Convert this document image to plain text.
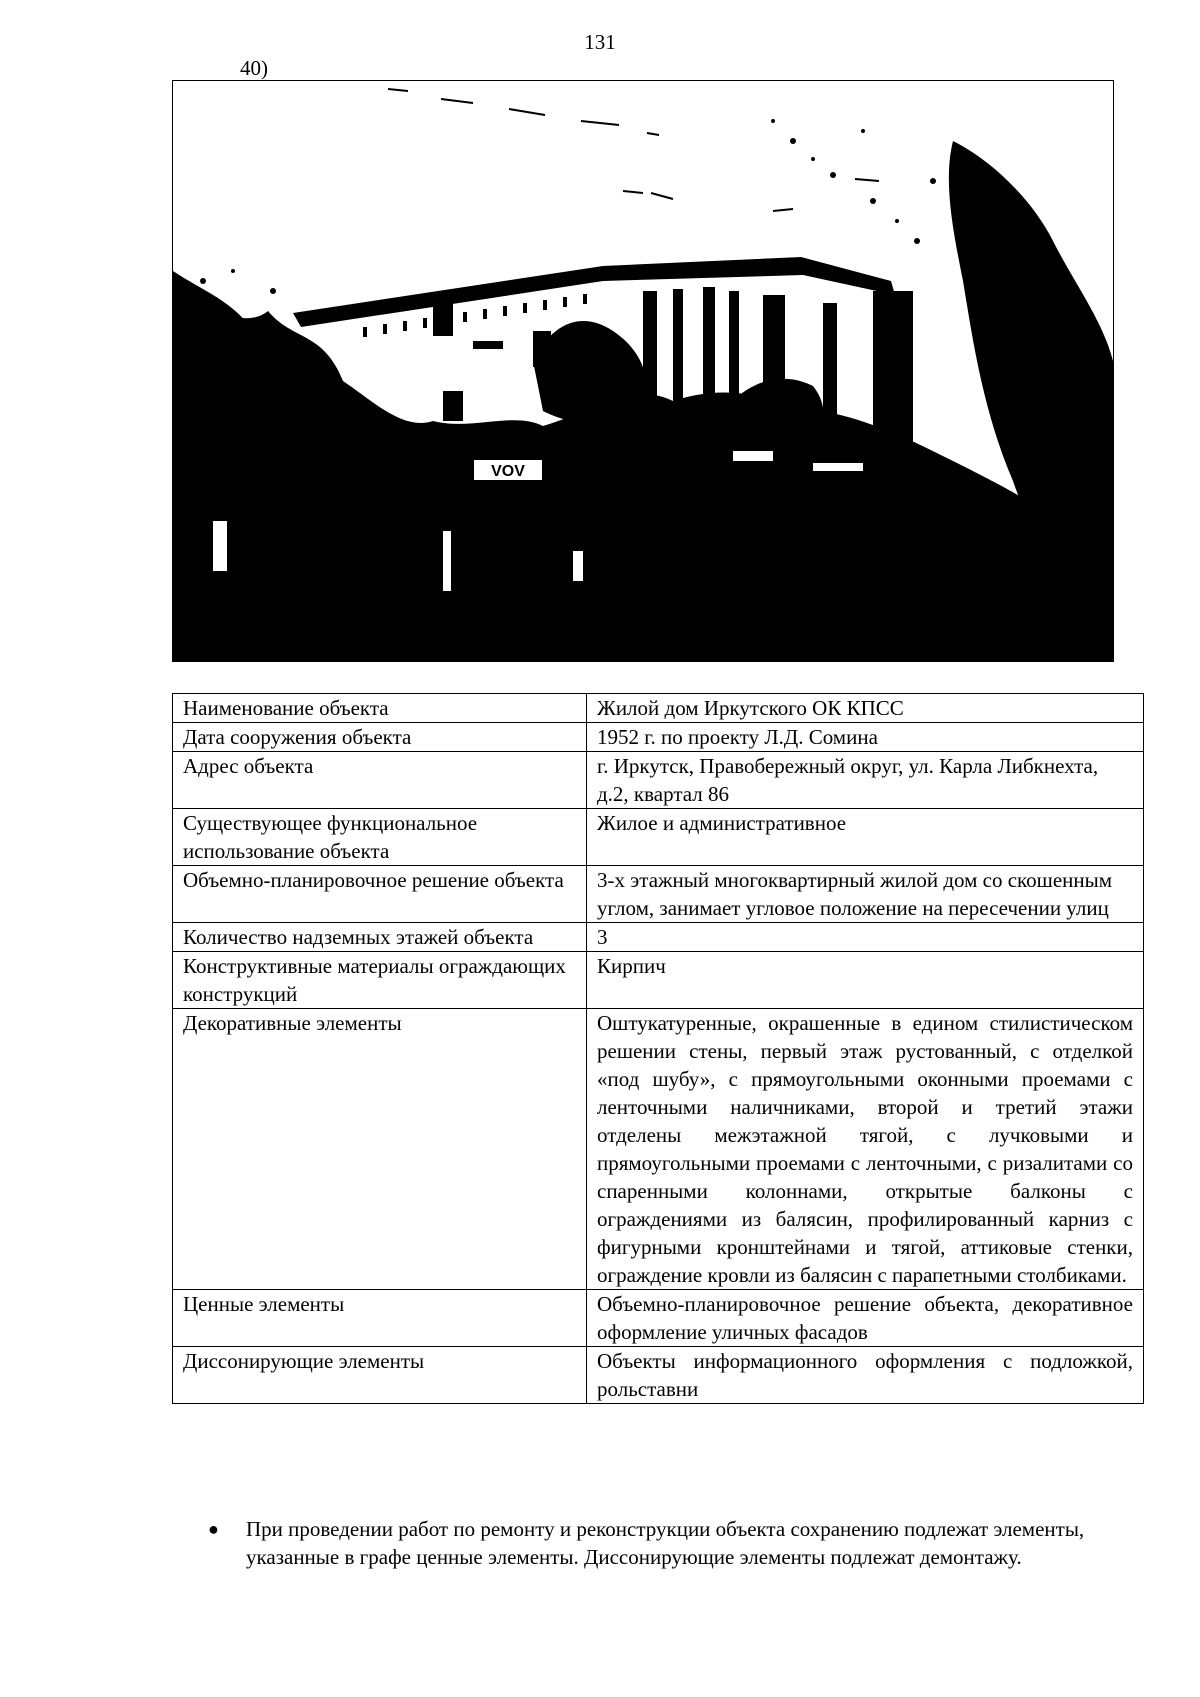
131
40)
VOV
Наименование объекта	Жилой дом Иркутского ОК КПСС
Дата сооружения объекта	1952 г. по проекту Л.Д. Сомина
Адрес объекта	г. Иркутск, Правобережный округ, ул. Карла Либкнехта, д.2, квартал 86
Существующее функциональное использование объекта	Жилое и административное
Объемно-планировочное решение объекта	3-х этажный многоквартирный жилой дом со скошенным углом, занимает угловое положение на пересечении улиц
Количество надземных этажей объекта	3
Конструктивные материалы ограждающих конструкций	Кирпич
Декоративные элементы	Оштукатуренные, окрашенные в едином стилистическом решении стены, первый этаж рустованный, с отделкой «под шубу», с прямоугольными оконными проемами с ленточными наличниками, второй и третий этажи отделены межэтажной тягой, с лучковыми и прямоугольными проемами с ленточными, с ризалитами со спаренными колоннами, открытые балконы с ограждениями из балясин, профилированный карниз с фигурными кронштейнами и тягой, аттиковые стенки, ограждение кровли из балясин с парапетными столбиками.
Ценные элементы	Объемно-планировочное решение объекта, декоративное оформление уличных фасадов
Диссонирующие элементы	Объекты информационного оформления с подложкой, рольставни
● При проведении работ по ремонту и реконструкции объекта сохранению подлежат элементы, указанные в графе ценные элементы. Диссонирующие элементы подлежат демонтажу.
